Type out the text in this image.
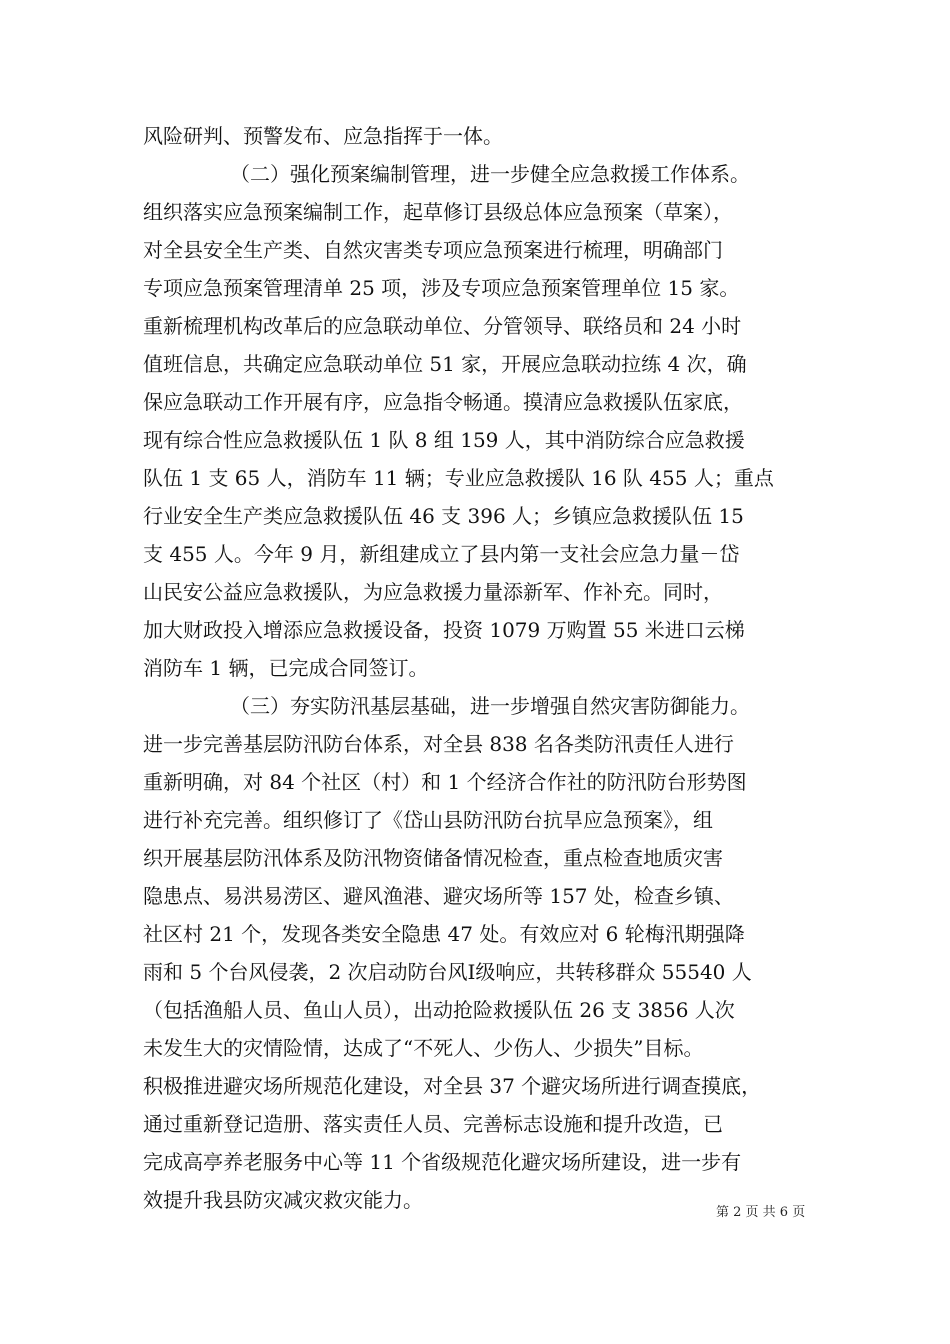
风险研判、预警发布、应急指挥于一体。
（二）强化预案编制管理，进一步健全应急救援工作体系。
组织落实应急预案编制工作，起草修订县级总体应急预案（草案），
对全县安全生产类、自然灾害类专项应急预案进行梳理，明确部门
专项应急预案管理清单 25 项，涉及专项应急预案管理单位 15 家。
重新梳理机构改革后的应急联动单位、分管领导、联络员和 24 小时
值班信息，共确定应急联动单位 51 家，开展应急联动拉练 4 次，确
保应急联动工作开展有序，应急指令畅通。摸清应急救援队伍家底，
现有综合性应急救援队伍 1 队 8 组 159 人，其中消防综合应急救援
队伍 1 支 65 人，消防车 11 辆；专业应急救援队 16 队 455 人；重点
行业安全生产类应急救援队伍 46 支 396 人；乡镇应急救援队伍 15
支 455 人。今年 9 月，新组建成立了县内第一支社会应急力量－岱
山民安公益应急救援队，为应急救援力量添新军、作补充。同时，
加大财政投入增添应急救援设备，投资 1079 万购置 55 米进口云梯
消防车 1 辆，已完成合同签订。
（三）夯实防汛基层基础，进一步增强自然灾害防御能力。
进一步完善基层防汛防台体系，对全县 838 名各类防汛责任人进行
重新明确，对 84 个社区（村）和 1 个经济合作社的防汛防台形势图
进行补充完善。组织修订了《岱山县防汛防台抗旱应急预案》，组
织开展基层防汛体系及防汛物资储备情况检查，重点检查地质灾害
隐患点、易洪易涝区、避风渔港、避灾场所等 157 处，检查乡镇、
社区村 21 个，发现各类安全隐患 47 处。有效应对 6 轮梅汛期强降
雨和 5 个台风侵袭，2 次启动防台风Ⅰ级响应，共转移群众 55540 人
（包括渔船人员、鱼山人员），出动抢险救援队伍 26 支 3856 人次
未发生大的灾情险情，达成了“不死人、少伤人、少损失”目标。
积极推进避灾场所规范化建设，对全县 37 个避灾场所进行调查摸底，
通过重新登记造册、落实责任人员、完善标志设施和提升改造，已
完成高亭养老服务中心等 11 个省级规范化避灾场所建设，进一步有
效提升我县防灾减灾救灾能力。
第 2 页 共 6 页
